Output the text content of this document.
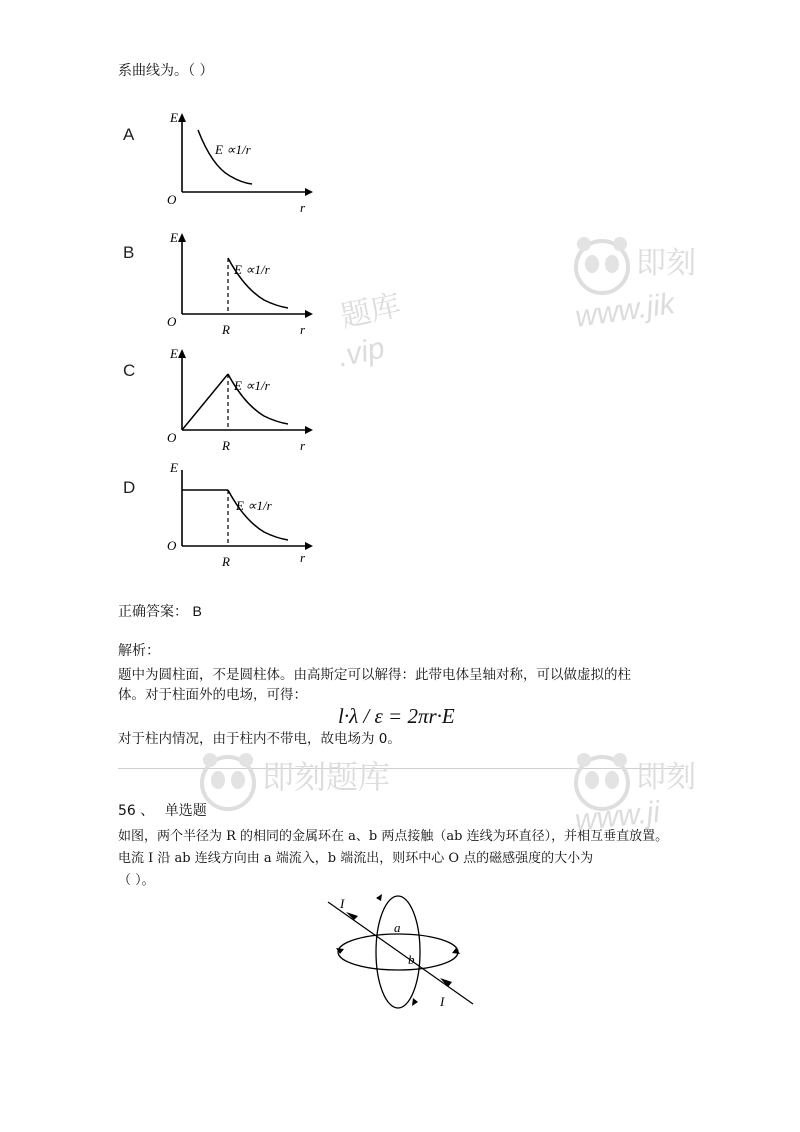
系曲线为。（ ）
A
E
O
r
E ∝1/r
B
E
O
r
R
E ∝1/r
C
E
O
r
R
E ∝1/r
D
E
O
r
R
E ∝1/r
正确答案： B
解析：
题中为圆柱面，不是圆柱体。由高斯定可以解得：此带电体呈轴对称，可以做虚拟的柱
体。对于柱面外的电场，可得：
l·λ / ε = 2πr·E
对于柱内情况，由于柱内不带电，故电场为 0。
56 、 单选题
如图，两个半径为 R 的相同的金属环在 a、b 两点接触（ab 连线为环直径），并相互垂直放置。
电流 I 沿 ab 连线方向由 a 端流入，b 端流出，则环中心 O 点的磁感强度的大小为
（ ）。
I
a
b
I
即刻
www.jik
题库
.vip
即刻题库	即刻
www.ji
